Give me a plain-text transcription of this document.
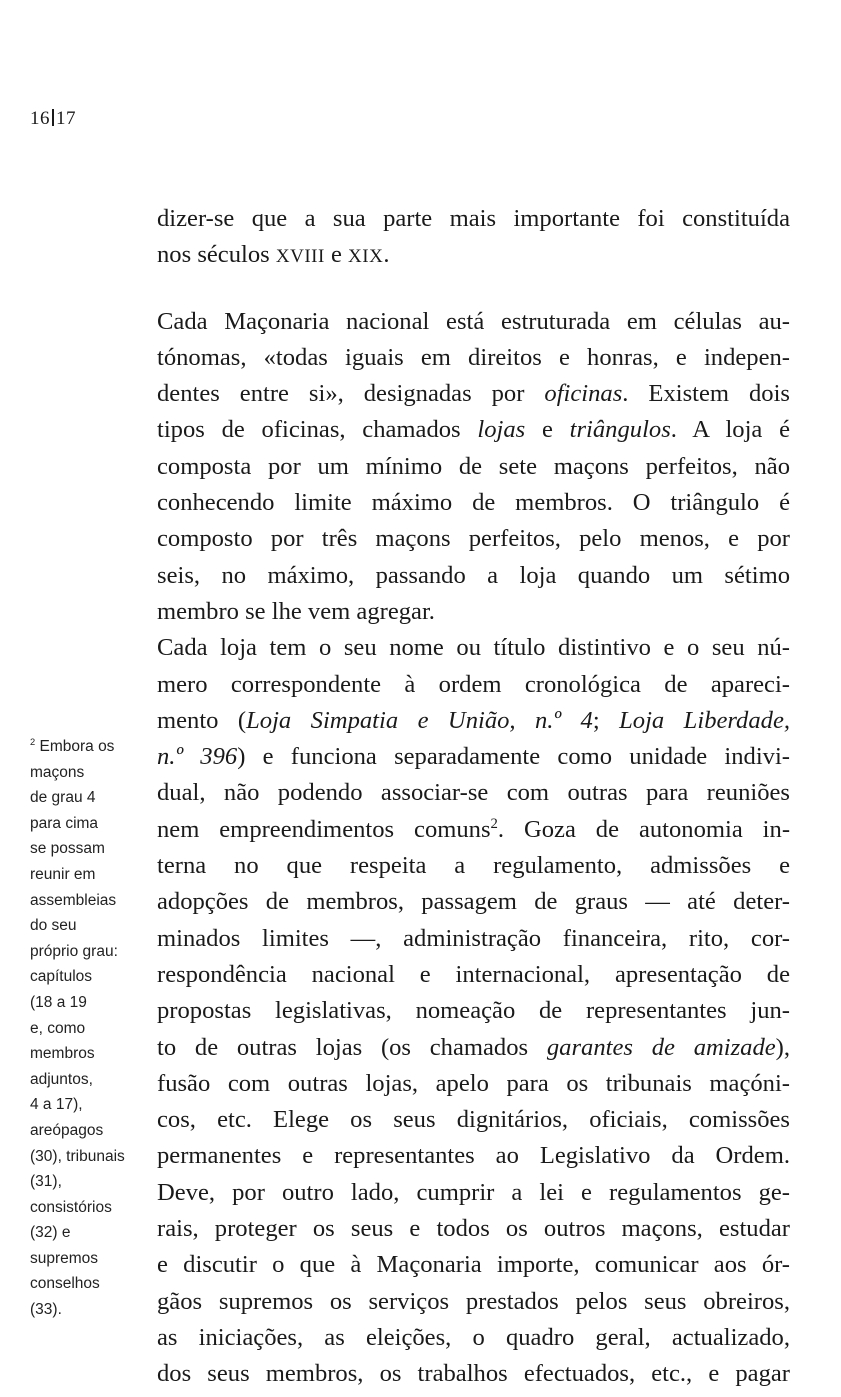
16 17
dizer-se que a sua parte mais importante foi constituída
nos séculos XVIII e XIX.
Cada Maçonaria nacional está estruturada em células au-
tónomas, «todas iguais em direitos e honras, e indepen-
dentes entre si», designadas por oficinas. Existem dois
tipos de oficinas, chamados lojas e triângulos. A loja é
composta por um mínimo de sete maçons perfeitos, não
conhecendo limite máximo de membros. O triângulo é
composto por três maçons perfeitos, pelo menos, e por
seis, no máximo, passando a loja quando um sétimo
membro se lhe vem agregar.
Cada loja tem o seu nome ou título distintivo e o seu nú-
mero correspondente à ordem cronológica de apareci-
mento (Loja Simpatia e União, n.º 4; Loja Liberdade,
n.º 396) e funciona separadamente como unidade indivi-
dual, não podendo associar-se com outras para reuniões
nem empreendimentos comuns$^2$. Goza de autonomia in-
terna no que respeita a regulamento, admissões e
adopções de membros, passagem de graus — até deter-
minados limites —, administração financeira, rito, cor-
respondência nacional e internacional, apresentação de
propostas legislativas, nomeação de representantes jun-
to de outras lojas (os chamados garantes de amizade),
fusão com outras lojas, apelo para os tribunais maçóni-
cos, etc. Elege os seus dignitários, oficiais, comissões
permanentes e representantes ao Legislativo da Ordem.
Deve, por outro lado, cumprir a lei e regulamentos ge-
rais, proteger os seus e todos os outros maçons, estudar
e discutir o que à Maçonaria importe, comunicar aos ór-
gãos supremos os serviços prestados pelos seus obreiros,
as iniciações, as eleições, o quadro geral, actualizado,
dos seus membros, os trabalhos efectuados, etc., e pagar
$^2$ Embora os
maçons
de grau 4
para cima
se possam
reunir em
assembleias
do seu
próprio grau:
capítulos
(18 a 19
e, como
membros
adjuntos,
4 a 17),
areópagos
(30), tribunais
(31),
consistórios
(32) e
supremos
conselhos
(33).
